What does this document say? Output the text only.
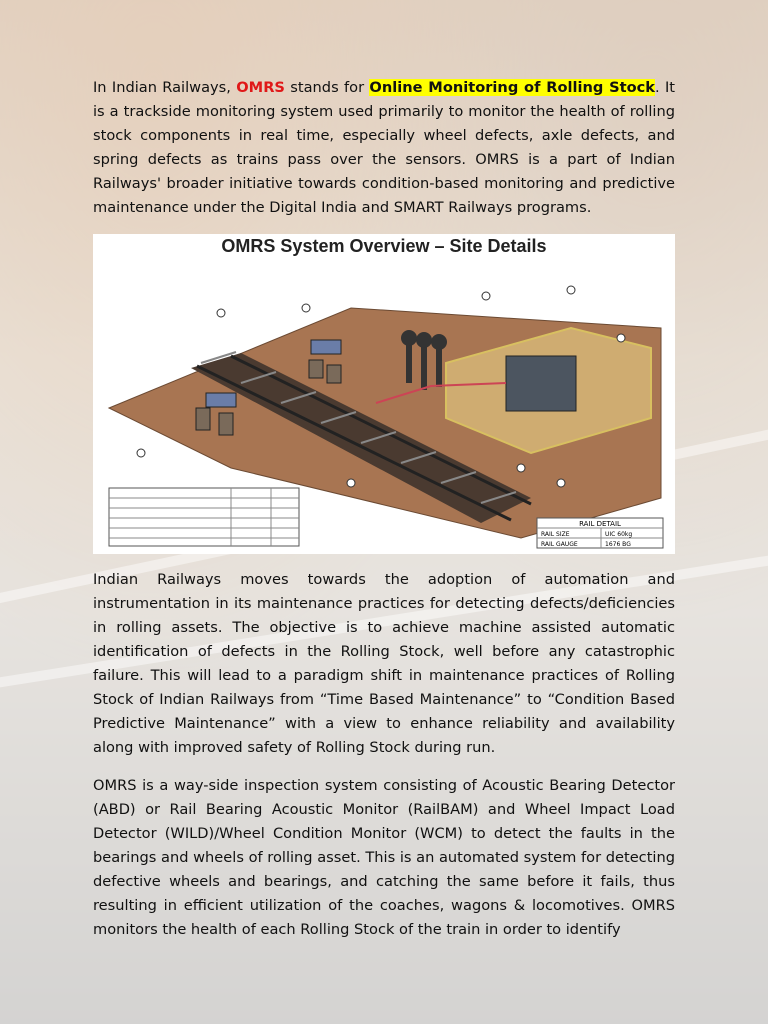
In Indian Railways, OMRS stands for Online Monitoring of Rolling Stock. It is a trackside monitoring system used primarily to monitor the health of rolling stock components in real time, especially wheel defects, axle defects, and spring defects as trains pass over the sensors. OMRS is a part of Indian Railways' broader initiative towards condition-based monitoring and predictive maintenance under the Digital India and SMART Railways programs.

OMRS System Overview – Site Details
RAIL DETAIL
RAIL SIZE	UIC 60kg
RAIL GAUGE	1676 BG

Indian Railways moves towards the adoption of automation and instrumentation in its maintenance practices for detecting defects/deficiencies in rolling assets. The objective is to achieve machine assisted automatic identification of defects in the Rolling Stock, well before any catastrophic failure. This will lead to a paradigm shift in maintenance practices of Rolling Stock of Indian Railways from “Time Based Maintenance” to “Condition Based Predictive Maintenance” with a view to enhance reliability and availability along with improved safety of Rolling Stock during run.

OMRS is a way-side inspection system consisting of Acoustic Bearing Detector (ABD) or Rail Bearing Acoustic Monitor (RailBAM) and Wheel Impact Load Detector (WILD)/Wheel Condition Monitor (WCM) to detect the faults in the bearings and wheels of rolling asset. This is an automated system for detecting defective wheels and bearings, and catching the same before it fails, thus resulting in efficient utilization of the coaches, wagons & locomotives. OMRS monitors the health of each Rolling Stock of the train in order to identify
